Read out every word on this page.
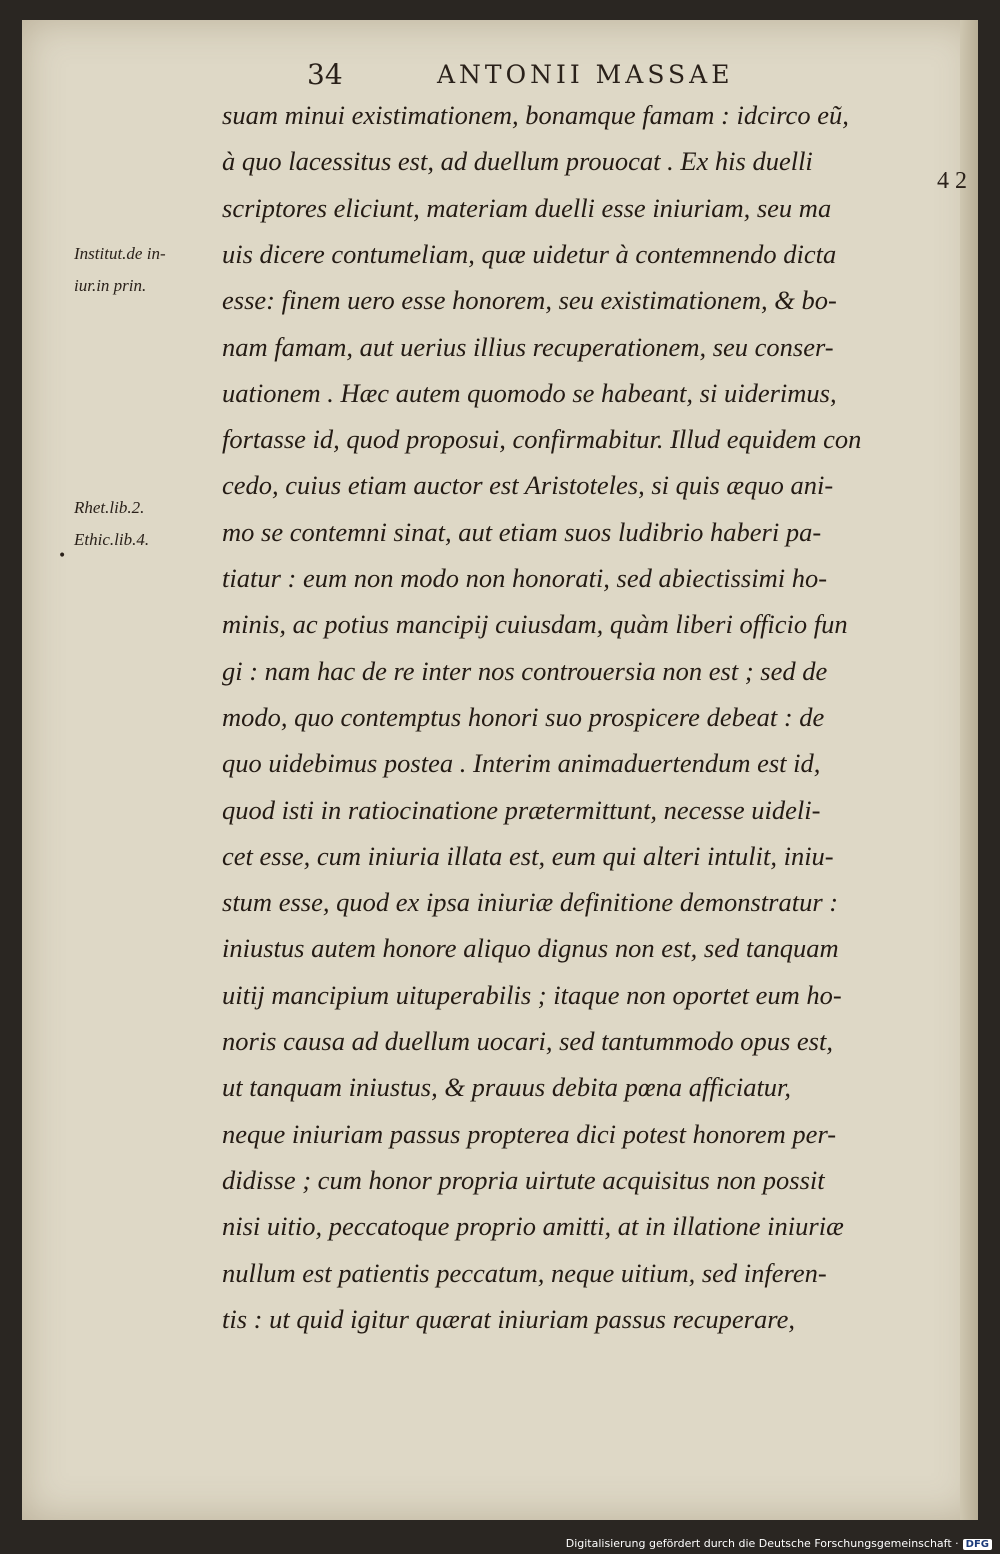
34	ANTONII MASSAE
4 2
•
Institut.de in-
iur.in prin.
Rhet.lib.2.
Ethic.lib.4.
suam minui existimationem, bonamque famam : idcirco eũ,
à quo lacessitus est, ad duellum prouocat . Ex his duelli
scriptores eliciunt, materiam duelli esse iniuriam, seu ma
uis dicere contumeliam, quæ uidetur à contemnendo dicta
esse: finem uero esse honorem, seu existimationem, & bo-
nam famam, aut uerius illius recuperationem, seu conser-
uationem . Hæc autem quomodo se habeant, si uiderimus,
fortasse id, quod proposui, confirmabitur. Illud equidem con
cedo, cuius etiam auctor est Aristoteles, si quis æquo ani-
mo se contemni sinat, aut etiam suos ludibrio haberi pa-
tiatur : eum non modo non honorati, sed abiectissimi ho-
minis, ac potius mancipij cuiusdam, quàm liberi officio fun
gi : nam hac de re inter nos controuersia non est ; sed de
modo, quo contemptus honori suo prospicere debeat : de
quo uidebimus postea . Interim animaduertendum est id,
quod isti in ratiocinatione prætermittunt, necesse uideli-
cet esse, cum iniuria illata est, eum qui alteri intulit, iniu-
stum esse, quod ex ipsa iniuriæ definitione demonstratur :
iniustus autem honore aliquo dignus non est, sed tanquam
uitij mancipium uituperabilis ; itaque non oportet eum ho-
noris causa ad duellum uocari, sed tantummodo opus est,
ut tanquam iniustus, & prauus debita pœna afficiatur,
neque iniuriam passus propterea dici potest honorem per-
didisse ; cum honor propria uirtute acquisitus non possit
nisi uitio, peccatoque proprio amitti, at in illatione iniuriæ
nullum est patientis peccatum, neque uitium, sed inferen-
tis : ut quid igitur quærat iniuriam passus recuperare,
Digitalisierung gefördert durch die Deutsche Forschungsgemeinschaft · DFG
